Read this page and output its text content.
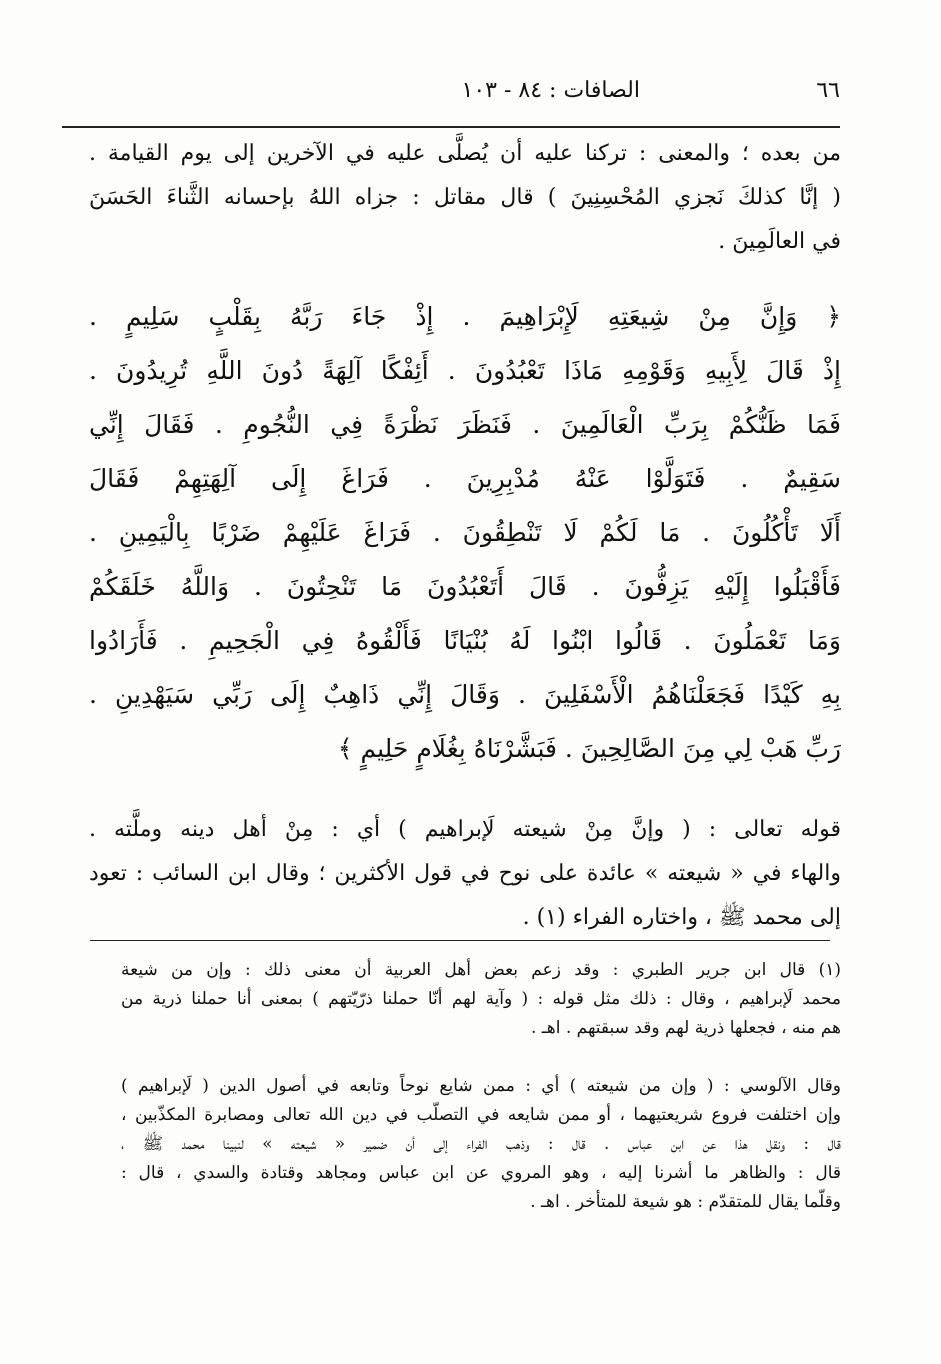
٦٦
الصافات : ٨٤ - ١٠٣
من بعده ؛ والمعنى : تركنا عليه أن يُصلَّى عليه في الآخرين إلى يوم القيامة .
( إنَّا كذلكَ نَجزي المُحْسِنِينَ ) قال مقاتل : جزاه اللهُ بإحسانه الثَّناءَ الحَسَنَ
في العالَمِينَ .
﴿ وَإِنَّ مِنْ شِيعَتِهِ لَإِبْرَاهِيمَ . إِذْ جَاءَ رَبَّهُ بِقَلْبٍ سَلِيمٍ .
إِذْ قَالَ لِأَبِيهِ وَقَوْمِهِ مَاذَا تَعْبُدُونَ . أَئِفْكًا آلِهَةً دُونَ اللَّهِ تُرِيدُونَ .
فَمَا ظَنُّكُمْ بِرَبِّ الْعَالَمِينَ . فَنَظَرَ نَظْرَةً فِي النُّجُومِ . فَقَالَ إِنِّي
سَقِيمٌ . فَتَوَلَّوْا عَنْهُ مُدْبِرِينَ . فَرَاغَ إِلَى آلِهَتِهِمْ فَقَالَ
أَلَا تَأْكُلُونَ . مَا لَكُمْ لَا تَنْطِقُونَ . فَرَاغَ عَلَيْهِمْ ضَرْبًا بِالْيَمِينِ .
فَأَقْبَلُوا إِلَيْهِ يَزِفُّونَ . قَالَ أَتَعْبُدُونَ مَا تَنْحِتُونَ . وَاللَّهُ خَلَقَكُمْ
وَمَا تَعْمَلُونَ . قَالُوا ابْنُوا لَهُ بُنْيَانًا فَأَلْقُوهُ فِي الْجَحِيمِ . فَأَرَادُوا
بِهِ كَيْدًا فَجَعَلْنَاهُمُ الْأَسْفَلِينَ . وَقَالَ إِنِّي ذَاهِبٌ إِلَى رَبِّي سَيَهْدِينِ .
رَبِّ هَبْ لِي مِنَ الصَّالِحِينَ . فَبَشَّرْنَاهُ بِغُلَامٍ حَلِيمٍ ﴾
قوله تعالى : ( وإنَّ مِنْ شيعته لَإبراهيم ) أي : مِنْ أهل دينه وملَّته .
والهاء في « شيعته » عائدة على نوح في قول الأكثرين ؛ وقال ابن السائب : تعود
إلى محمد ﷺ ، واختاره الفراء (١) .
(١) قال ابن جرير الطبري : وقد زعم بعض أهل العربية أن معنى ذلك : وإن من شيعة
محمد لَإبراهيم ، وقال : ذلك مثل قوله : ( وآية لهم أنّا حملنا ذرّيّتهم ) بمعنى أنا حملنا ذرية من
هم منه ، فجعلها ذرية لهم وقد سبقتهم . اهـ .
وقال الآلوسي : ( وإن من شيعته ) أي : ممن شايع نوحاً وتابعه في أصول الدين ( لَإبراهيم )
وإن اختلفت فروع شريعتيهما ، أو ممن شايعه في التصلّب في دين الله تعالى ومصابرة المكذّبين ،
قال : ونقل هذا عن ابن عباس . قال : وذهب الفراء إلى أن ضمير « شيعته » لنبينا محمد ﷺ ،
قال : والظاهر ما أشرنا إليه ، وهو المروي عن ابن عباس ومجاهد وقتادة والسدي ، قال :
وقلّما يقال للمتقدّم : هو شيعة للمتأخر . اهـ .
